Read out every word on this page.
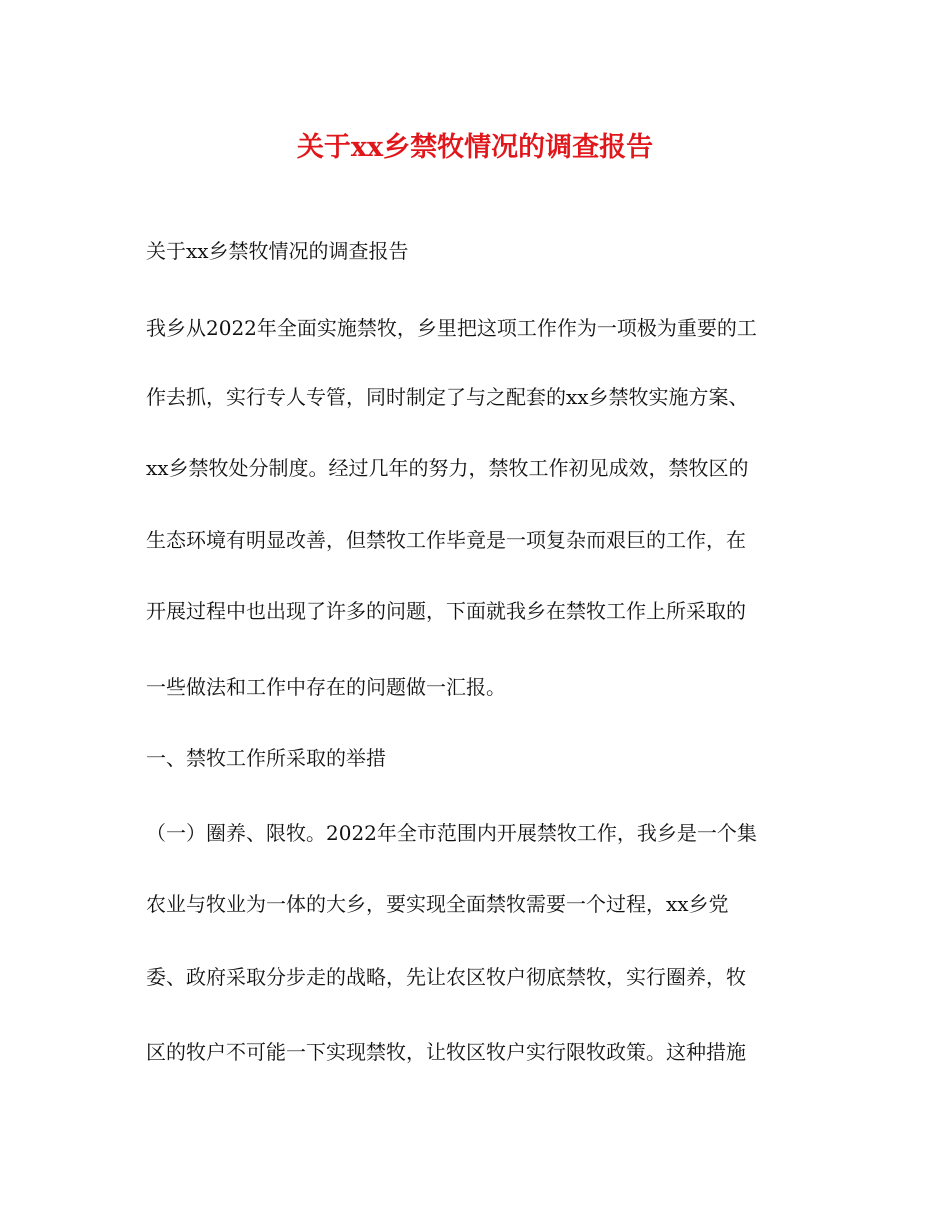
关于xx乡禁牧情况的调查报告

关于xx乡禁牧情况的调查报告

我乡从2022年全面实施禁牧，乡里把这项工作作为一项极为重要的工

作去抓，实行专人专管，同时制定了与之配套的xx乡禁牧实施方案、

xx乡禁牧处分制度。经过几年的努力，禁牧工作初见成效，禁牧区的

生态环境有明显改善，但禁牧工作毕竟是一项复杂而艰巨的工作，在

开展过程中也出现了许多的问题，下面就我乡在禁牧工作上所采取的

一些做法和工作中存在的问题做一汇报。

一、禁牧工作所采取的举措

（一）圈养、限牧。2022年全市范围内开展禁牧工作，我乡是一个集

农业与牧业为一体的大乡，要实现全面禁牧需要一个过程，xx乡党

委、政府采取分步走的战略，先让农区牧户彻底禁牧，实行圈养，牧

区的牧户不可能一下实现禁牧，让牧区牧户实行限牧政策。这种措施
